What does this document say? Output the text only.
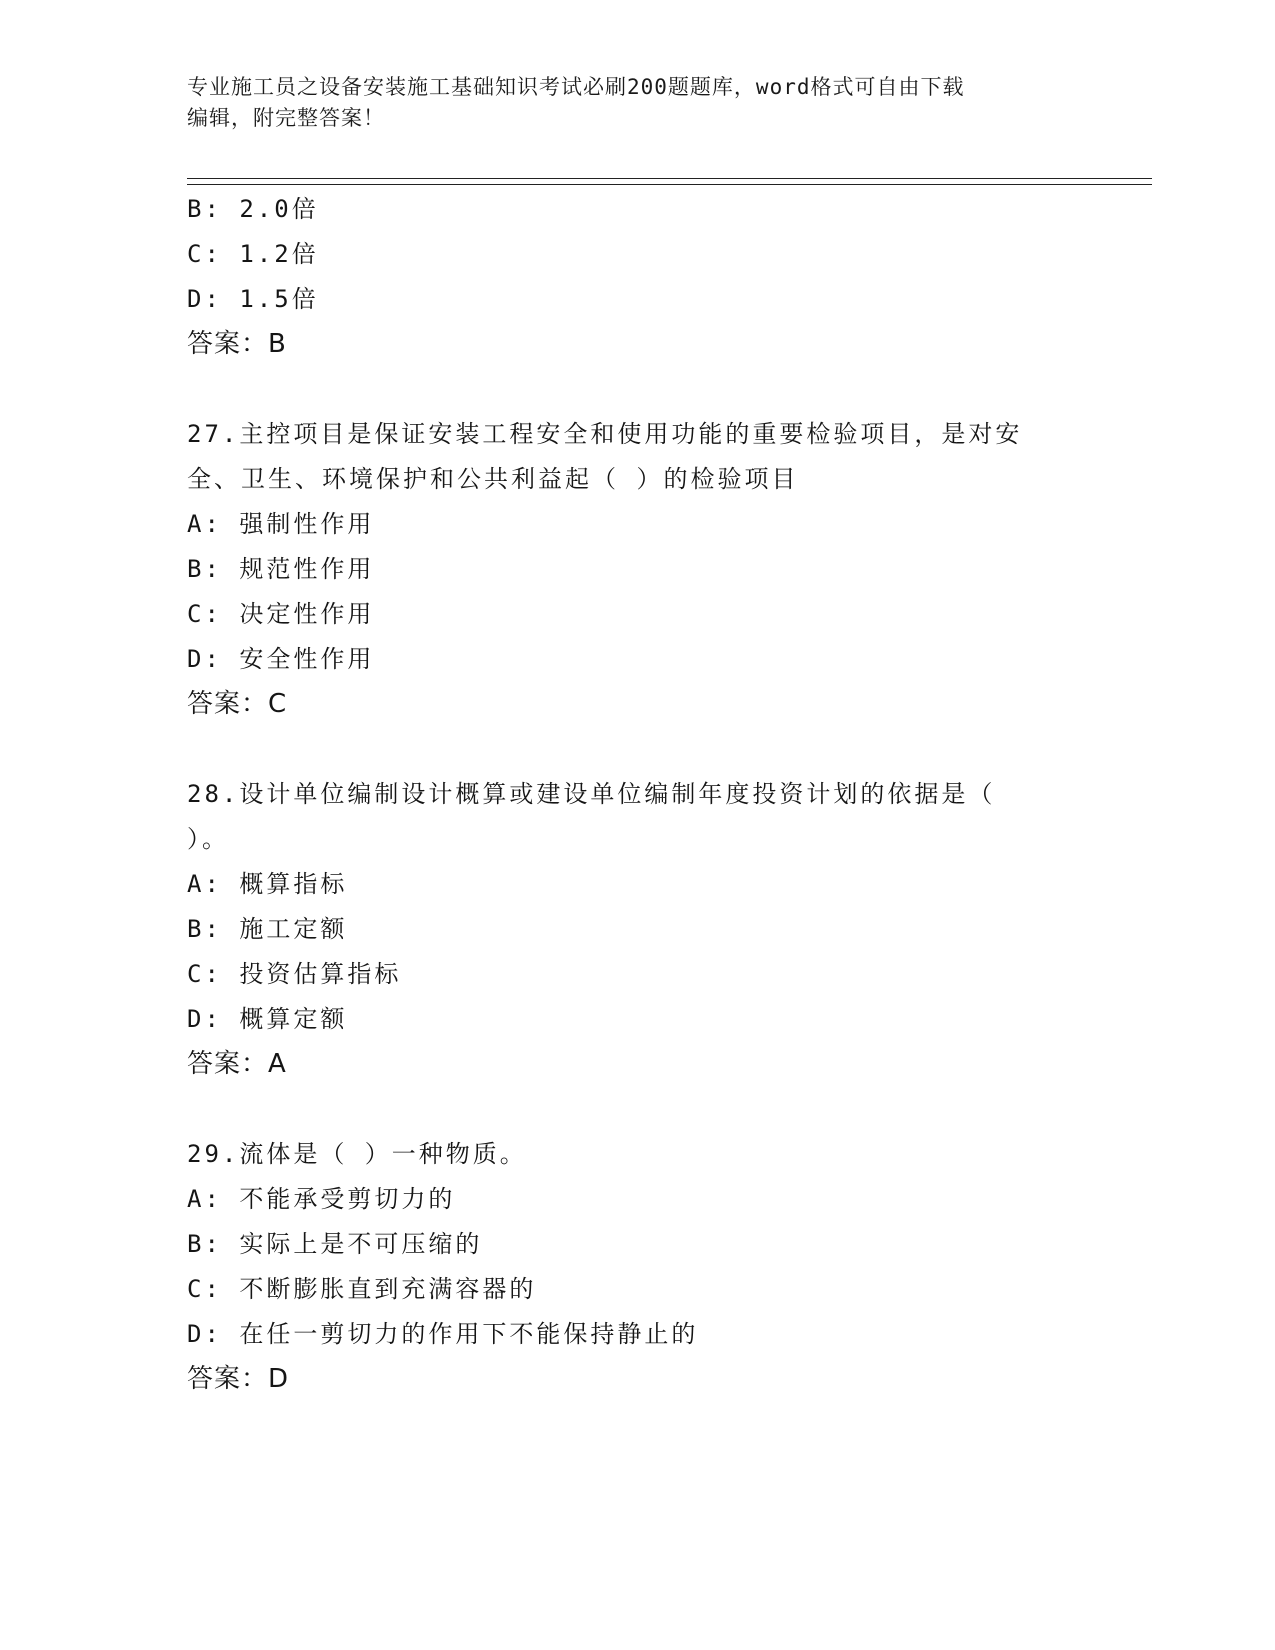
专业施工员之设备安装施工基础知识考试必刷200题题库，word格式可自由下载
编辑，附完整答案！
B: 2.0倍
C: 1.2倍
D: 1.5倍
答案：B
27.主控项目是保证安装工程安全和使用功能的重要检验项目，是对安
全、卫生、环境保护和公共利益起（ ）的检验项目
A: 强制性作用
B: 规范性作用
C: 决定性作用
D: 安全性作用
答案：C
28.设计单位编制设计概算或建设单位编制年度投资计划的依据是（
）。
A: 概算指标
B: 施工定额
C: 投资估算指标
D: 概算定额
答案：A
29.流体是（ ）一种物质。
A: 不能承受剪切力的
B: 实际上是不可压缩的
C: 不断膨胀直到充满容器的
D: 在任一剪切力的作用下不能保持静止的
答案：D
